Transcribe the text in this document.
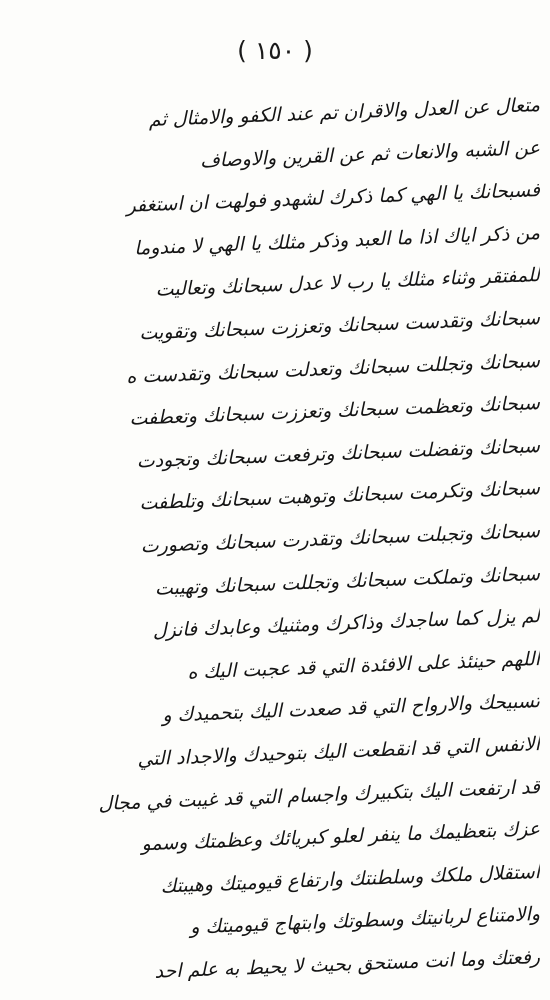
( ١٥٠ )
متعال عن العدل والاقران تم عند الكفو والامثال ثم
عن الشبه والانعات ثم عن القرين والاوصاف
فسبحانك يا الهي كما ذكرك لشهدو فولهت ان استغفر
من ذكر اياك اذا ما العبد وذكر مثلك يا الهي لا مندوما
للمفتقر وثناء مثلك يا رب لا عدل سبحانك وتعاليت
سبحانك وتقدست سبحانك وتعززت سبحانك وتقويت
سبحانك وتجللت سبحانك وتعدلت سبحانك وتقدست ه
سبحانك وتعظمت سبحانك وتعززت سبحانك وتعطفت
سبحانك وتفضلت سبحانك وترفعت سبحانك وتجودت
سبحانك وتكرمت سبحانك وتوهبت سبحانك وتلطفت
سبحانك وتجبلت سبحانك وتقدرت سبحانك وتصورت
سبحانك وتملكت سبحانك وتجللت سبحانك وتهيبت
لم يزل كما ساجدك وذاكرك ومثنيك وعابدك فانزل
اللهم حينئذ على الافئدة التي قد عجبت اليك ه
تسبيحك والارواح التي قد صعدت اليك بتحميدك و
الانفس التي قد انقطعت اليك بتوحيدك والاجداد التي
قد ارتفعت اليك بتكبيرك واجسام التي قد غيبت في مجال
عزك بتعظيمك ما ينفر لعلو كبريائك وعظمتك وسمو
استقلال ملكك وسلطنتك وارتفاع قيوميتك وهيبتك
والامتناع لربانيتك وسطوتك وابتهاج قيوميتك و
رفعتك وما انت مستحق بحيث لا يحيط به علم احد
